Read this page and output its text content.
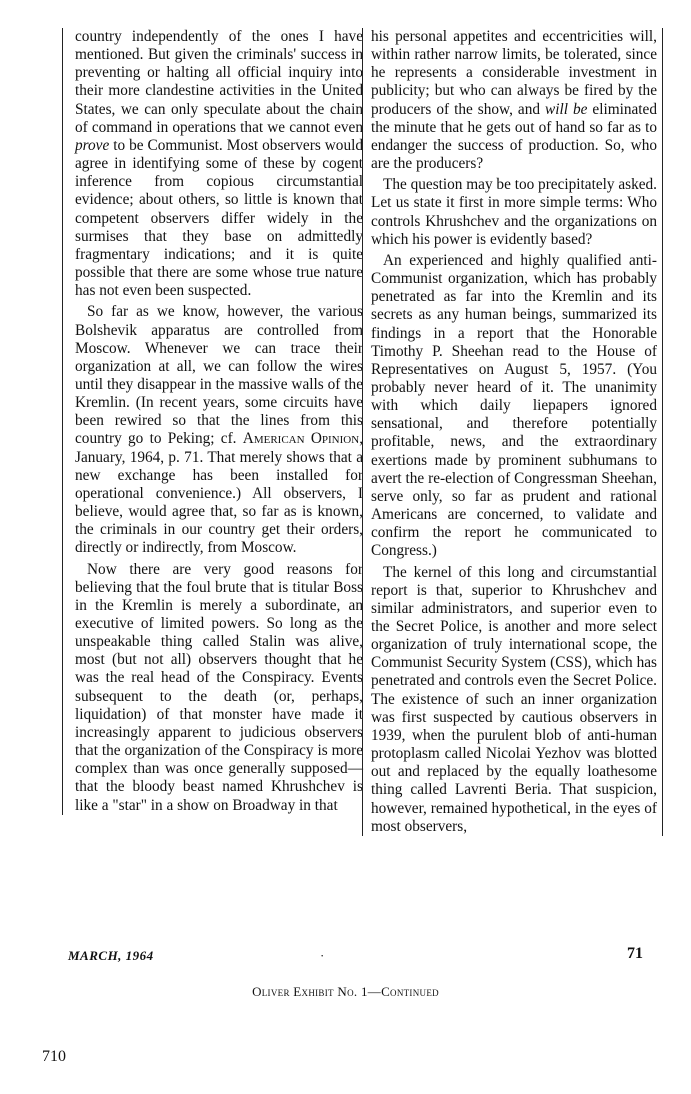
country independently of the ones I have mentioned. But given the criminals' success in preventing or halting all official inquiry into their more clandestine activities in the United States, we can only speculate about the chain of command in operations that we cannot even prove to be Communist. Most observers would agree in identifying some of these by cogent inference from copious circumstantial evidence; about others, so little is known that competent observers differ widely in the surmises that they base on admittedly fragmentary indications; and it is quite possible that there are some whose true nature has not even been suspected.

So far as we know, however, the various Bolshevik apparatus are controlled from Moscow. Whenever we can trace their organization at all, we can follow the wires until they disappear in the massive walls of the Kremlin. (In recent years, some circuits have been rewired so that the lines from this country go to Peking; cf. American Opinion, January, 1964, p. 71. That merely shows that a new exchange has been installed for operational convenience.) All observers, I believe, would agree that, so far as is known, the criminals in our country get their orders, directly or indirectly, from Moscow.

Now there are very good reasons for believing that the foul brute that is titular Boss in the Kremlin is merely a subordinate, an executive of limited powers. So long as the unspeakable thing called Stalin was alive, most (but not all) observers thought that he was the real head of the Conspiracy. Events subsequent to the death (or, perhaps, liquidation) of that monster have made it increasingly apparent to judicious observers that the organization of the Conspiracy is more complex than was once generally supposed—that the bloody beast named Khrushchev is like a "star" in a show on Broadway in that

his personal appetites and eccentricities will, within rather narrow limits, be tolerated, since he represents a considerable investment in publicity; but who can always be fired by the producers of the show, and will be eliminated the minute that he gets out of hand so far as to endanger the success of production. So, who are the producers?

The question may be too precipitately asked. Let us state it first in more simple terms: Who controls Khrushchev and the organizations on which his power is evidently based?

An experienced and highly qualified anti-Communist organization, which has probably penetrated as far into the Kremlin and its secrets as any human beings, summarized its findings in a report that the Honorable Timothy P. Sheehan read to the House of Representatives on August 5, 1957. (You probably never heard of it. The unanimity with which daily liepapers ignored sensational, and therefore potentially profitable, news, and the extraordinary exertions made by prominent subhumans to avert the re-election of Congressman Sheehan, serve only, so far as prudent and rational Americans are concerned, to validate and confirm the report he communicated to Congress.)

The kernel of this long and circumstantial report is that, superior to Khrushchev and similar administrators, and superior even to the Secret Police, is another and more select organization of truly international scope, the Communist Security System (CSS), which has penetrated and controls even the Secret Police. The existence of such an inner organization was first suspected by cautious observers in 1939, when the purulent blob of anti-human protoplasm called Nicolai Yezhov was blotted out and replaced by the equally loathesome thing called Lavrenti Beria. That suspicion, however, remained hypothetical, in the eyes of most observers,

MARCH, 1964	·	71
Oliver Exhibit No. 1—Continued
710
